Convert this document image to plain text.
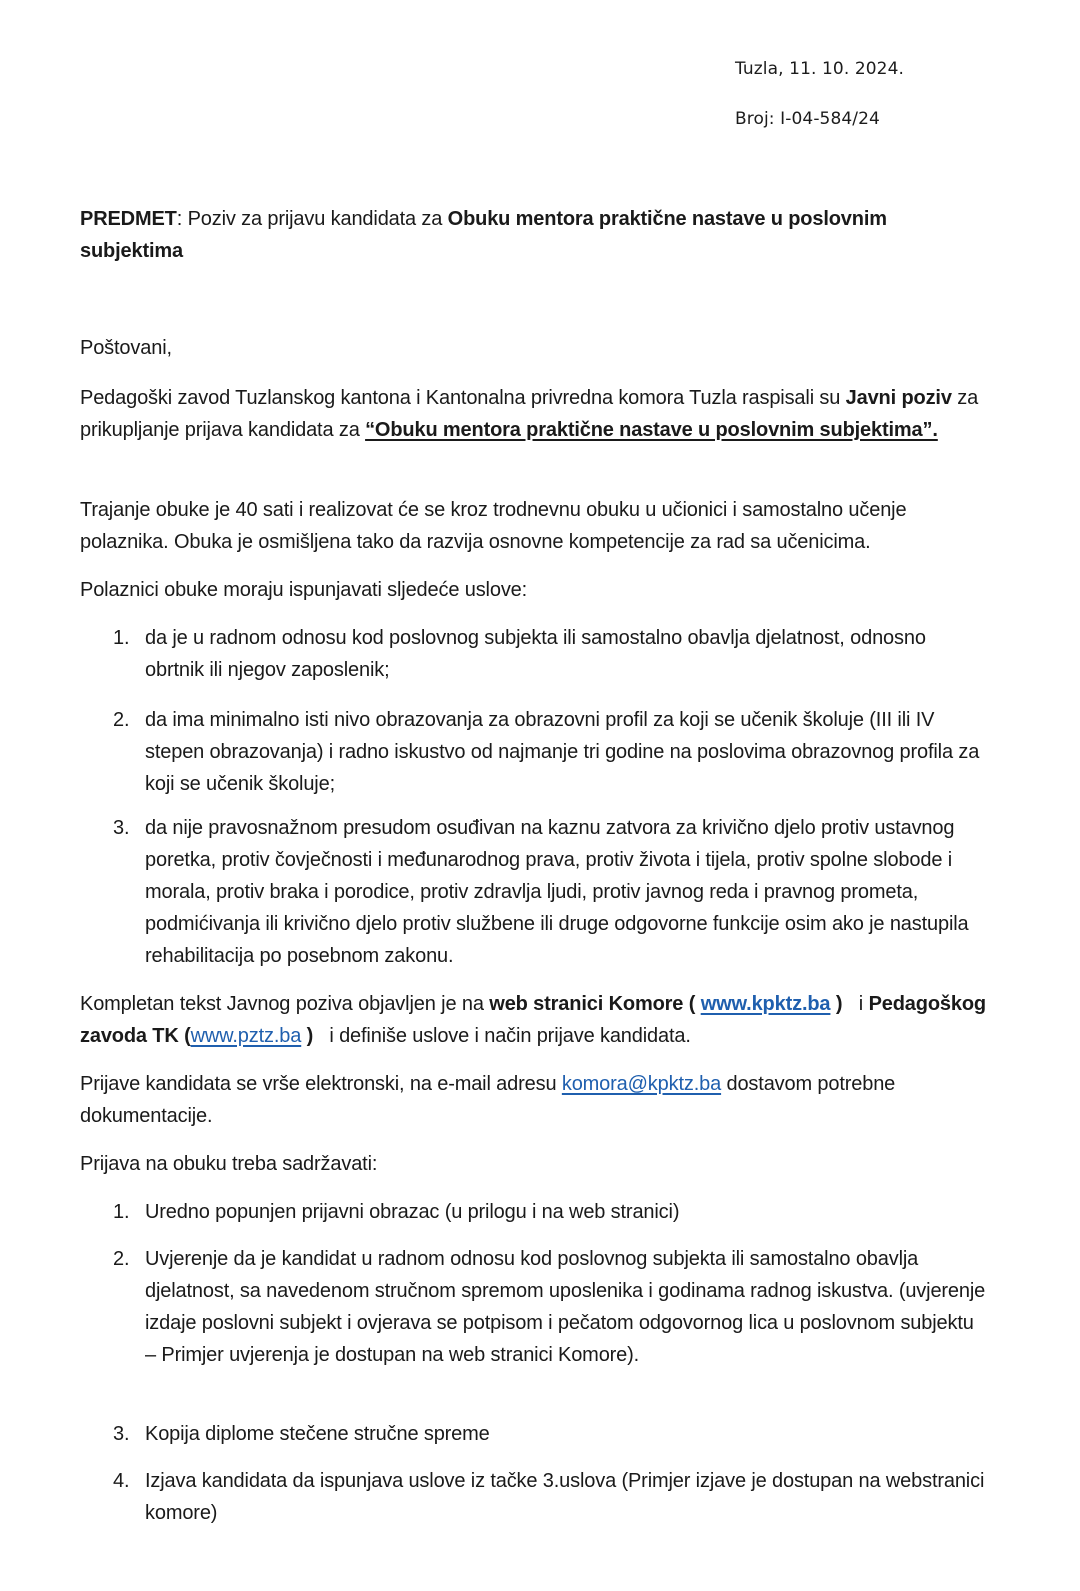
Tuzla, 11. 10. 2024.
Broj: I-04-584/24

PREDMET: Poziv za prijavu kandidata za Obuku mentora praktične nastave u poslovnim subjektima

Poštovani,

Pedagoški zavod Tuzlanskog kantona i Kantonalna privredna komora Tuzla raspisali su Javni poziv za prikupljanje prijava kandidata za “Obuku mentora praktične nastave u poslovnim subjektima”.

Trajanje obuke je 40 sati i realizovat će se kroz trodnevnu obuku u učionici i samostalno učenje polaznika. Obuka je osmišljena tako da razvija osnovne kompetencije za rad sa učenicima.

Polaznici obuke moraju ispunjavati sljedeće uslove:

1. da je u radnom odnosu kod poslovnog subjekta ili samostalno obavlja djelatnost, odnosno obrtnik ili njegov zaposlenik;
2. da ima minimalno isti nivo obrazovanja za obrazovni profil za koji se učenik školuje (III ili IV stepen obrazovanja) i radno iskustvo od najmanje tri godine na poslovima obrazovnog profila za koji se učenik školuje;
3. da nije pravosnažnom presudom osuđivan na kaznu zatvora za krivično djelo protiv ustavnog poretka, protiv čovječnosti i međunarodnog prava, protiv života i tijela, protiv spolne slobode i morala, protiv braka i porodice, protiv zdravlja ljudi, protiv javnog reda i pravnog prometa, podmićivanja ili krivično djelo protiv službene ili druge odgovorne funkcije osim ako je nastupila rehabilitacija po posebnom zakonu.

Kompletan tekst Javnog poziva objavljen je na web stranici Komore ( www.kpktz.ba ) i Pedagoškog zavoda TK (www.pztz.ba ) i definiše uslove i način prijave kandidata.

Prijave kandidata se vrše elektronski, na e-mail adresu komora@kpktz.ba dostavom potrebne dokumentacije.

Prijava na obuku treba sadržavati:

1. Uredno popunjen prijavni obrazac (u prilogu i na web stranici)
2. Uvjerenje da je kandidat u radnom odnosu kod poslovnog subjekta ili samostalno obavlja djelatnost, sa navedenom stručnom spremom uposlenika i godinama radnog iskustva. (uvjerenje izdaje poslovni subjekt i ovjerava se potpisom i pečatom odgovornog lica u poslovnom subjektu – Primjer uvjerenja je dostupan na web stranici Komore).
3. Kopija diplome stečene stručne spreme
4. Izjava kandidata da ispunjava uslove iz tačke 3.uslova (Primjer izjave je dostupan na webstranici komore)
